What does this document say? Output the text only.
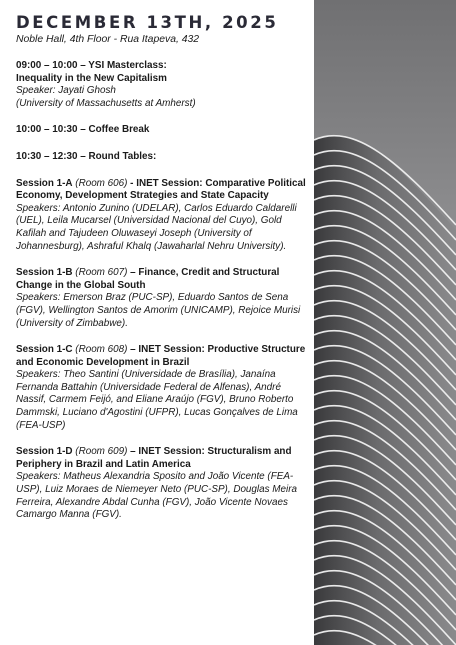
DECEMBER 13TH, 2025

Noble Hall, 4th Floor - Rua Itapeva, 432

09:00 – 10:00 – YSI Masterclass:

Inequality in the New Capitalism

Speaker: Jayati Ghosh

(University of Massachusetts at Amherst)

10:00 – 10:30 – Coffee Break

10:30 – 12:30 – Round Tables:

Session 1-A (Room 606) - INET Session: Comparative Political Economy, Development Strategies and State Capacity

Speakers: Antonio Zunino (UDELAR), Carlos Eduardo Caldarelli (UEL), Leila Mucarsel (Universidad Nacional del Cuyo), Gold Kafilah and Tajudeen Oluwaseyi Joseph (University of Johannesburg), Ashraful Khalq (Jawaharlal Nehru University).

Session 1-B (Room 607) – Finance, Credit and Structural Change in the Global South

Speakers: Emerson Braz (PUC-SP), Eduardo Santos de Sena (FGV), Wellington Santos de Amorim (UNICAMP), Rejoice Murisi (University of Zimbabwe).

Session 1-C (Room 608) – INET Session: Productive Structure and Economic Development in Brazil

Speakers: Theo Santini (Universidade de Brasília), Janaína Fernanda Battahin (Universidade Federal de Alfenas), André Nassif, Carmem Feijó, and Eliane Araújo (FGV), Bruno Roberto Dammski, Luciano d'Agostini (UFPR), Lucas Gonçalves de Lima (FEA-USP)

Session 1-D (Room 609) – INET Session: Structuralism and Periphery in Brazil and Latin America

Speakers: Matheus Alexandria Sposito and João Vicente (FEA-USP), Luiz Moraes de Niemeyer Neto (PUC-SP), Douglas Meira Ferreira, Alexandre Abdal Cunha (FGV), João Vicente Novaes Camargo Manna (FGV).
